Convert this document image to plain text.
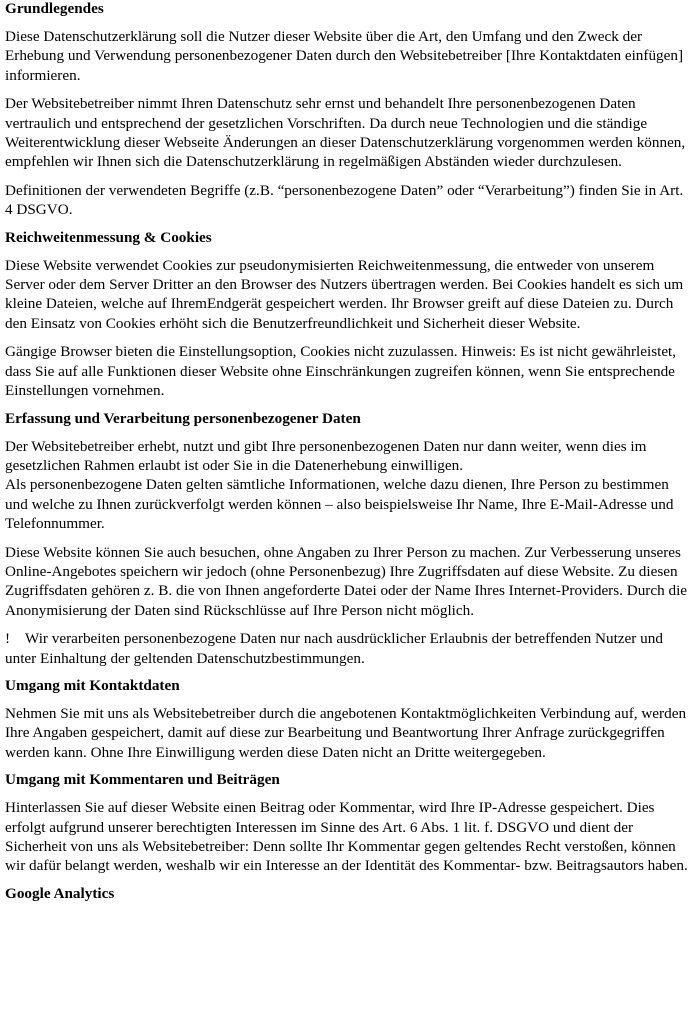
Grundlegendes

Diese Datenschutzerklärung soll die Nutzer dieser Website über die Art, den Umfang und den Zweck der Erhebung und Verwendung personenbezogener Daten durch den Websitebetreiber [Ihre Kontaktdaten einfügen] informieren.

Der Websitebetreiber nimmt Ihren Datenschutz sehr ernst und behandelt Ihre personenbezogenen Daten vertraulich und entsprechend der gesetzlichen Vorschriften. Da durch neue Technologien und die ständige Weiterentwicklung dieser Webseite Änderungen an dieser Datenschutzerklärung vorgenommen werden können, empfehlen wir Ihnen sich die Datenschutzerklärung in regelmäßigen Abständen wieder durchzulesen.

Definitionen der verwendeten Begriffe (z.B. “personenbezogene Daten” oder “Verarbeitung”) finden Sie in Art. 4 DSGVO.

Reichweitenmessung & Cookies

Diese Website verwendet Cookies zur pseudonymisierten Reichweitenmessung, die entweder von unserem Server oder dem Server Dritter an den Browser des Nutzers übertragen werden. Bei Cookies handelt es sich um kleine Dateien, welche auf IhremEndgerät gespeichert werden. Ihr Browser greift auf diese Dateien zu. Durch den Einsatz von Cookies erhöht sich die Benutzerfreundlichkeit und Sicherheit dieser Website.

Gängige Browser bieten die Einstellungsoption, Cookies nicht zuzulassen. Hinweis: Es ist nicht gewährleistet, dass Sie auf alle Funktionen dieser Website ohne Einschränkungen zugreifen können, wenn Sie entsprechende Einstellungen vornehmen.

Erfassung und Verarbeitung personenbezogener Daten

Der Websitebetreiber erhebt, nutzt und gibt Ihre personenbezogenen Daten nur dann weiter, wenn dies im gesetzlichen Rahmen erlaubt ist oder Sie in die Datenerhebung einwilligen.

Als personenbezogene Daten gelten sämtliche Informationen, welche dazu dienen, Ihre Person zu bestimmen und welche zu Ihnen zurückverfolgt werden können – also beispielsweise Ihr Name, Ihre E-Mail-Adresse und Telefonnummer.

Diese Website können Sie auch besuchen, ohne Angaben zu Ihrer Person zu machen. Zur Verbesserung unseres Online-Angebotes speichern wir jedoch (ohne Personenbezug) Ihre Zugriffsdaten auf diese Website. Zu diesen Zugriffsdaten gehören z. B. die von Ihnen angeforderte Datei oder der Name Ihres Internet-Providers. Durch die Anonymisierung der Daten sind Rückschlüsse auf Ihre Person nicht möglich.

!    Wir verarbeiten personenbezogene Daten nur nach ausdrücklicher Erlaubnis der betreffenden Nutzer und unter Einhaltung der geltenden Datenschutzbestimmungen.

Umgang mit Kontaktdaten

Nehmen Sie mit uns als Websitebetreiber durch die angebotenen Kontaktmöglichkeiten Verbindung auf, werden Ihre Angaben gespeichert, damit auf diese zur Bearbeitung und Beantwortung Ihrer Anfrage zurückgegriffen werden kann. Ohne Ihre Einwilligung werden diese Daten nicht an Dritte weitergegeben.

Umgang mit Kommentaren und Beiträgen

Hinterlassen Sie auf dieser Website einen Beitrag oder Kommentar, wird Ihre IP-Adresse gespeichert. Dies erfolgt aufgrund unserer berechtigten Interessen im Sinne des Art. 6 Abs. 1 lit. f. DSGVO und dient der Sicherheit von uns als Websitebetreiber: Denn sollte Ihr Kommentar gegen geltendes Recht verstoßen, können wir dafür belangt werden, weshalb wir ein Interesse an der Identität des Kommentar- bzw. Beitragsautors haben.

Google Analytics
